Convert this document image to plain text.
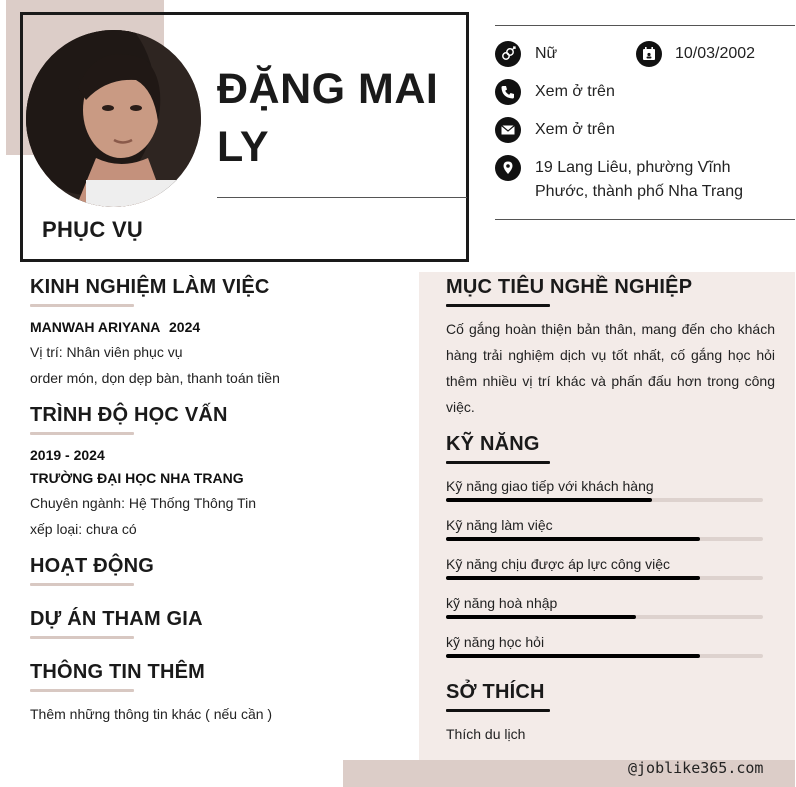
PHỤC VỤ
ĐẶNG MAI LY
Nữ	10/03/2002
Xem ở trên
Xem ở trên
19 Lang Liêu, phường Vĩnh Phước, thành phố Nha Trang
KINH NGHIỆM LÀM VIỆC
MANWAH ARIYANA 2024
Vị trí: Nhân viên phục vụ
order món, dọn dẹp bàn, thanh toán tiền
TRÌNH ĐỘ HỌC VẤN
2019 - 2024
TRƯỜNG ĐẠI HỌC NHA TRANG
Chuyên ngành: Hệ Thống Thông Tin
xếp loại: chưa có
HOẠT ĐỘNG
DỰ ÁN THAM GIA
THÔNG TIN THÊM
Thêm những thông tin khác ( nếu cần )
MỤC TIÊU NGHỀ NGHIỆP
Cố gắng hoàn thiện bản thân, mang đến cho khách hàng trải nghiệm dịch vụ tốt nhất, cố gắng học hỏi thêm nhiều vị trí khác và phấn đấu hơn trong công việc.
KỸ NĂNG
Kỹ năng giao tiếp với khách hàng
Kỹ năng làm việc
Kỹ năng chịu được áp lực công việc
kỹ năng hoà nhập
kỹ năng học hỏi
SỞ THÍCH
Thích du lịch
@joblike365.com
